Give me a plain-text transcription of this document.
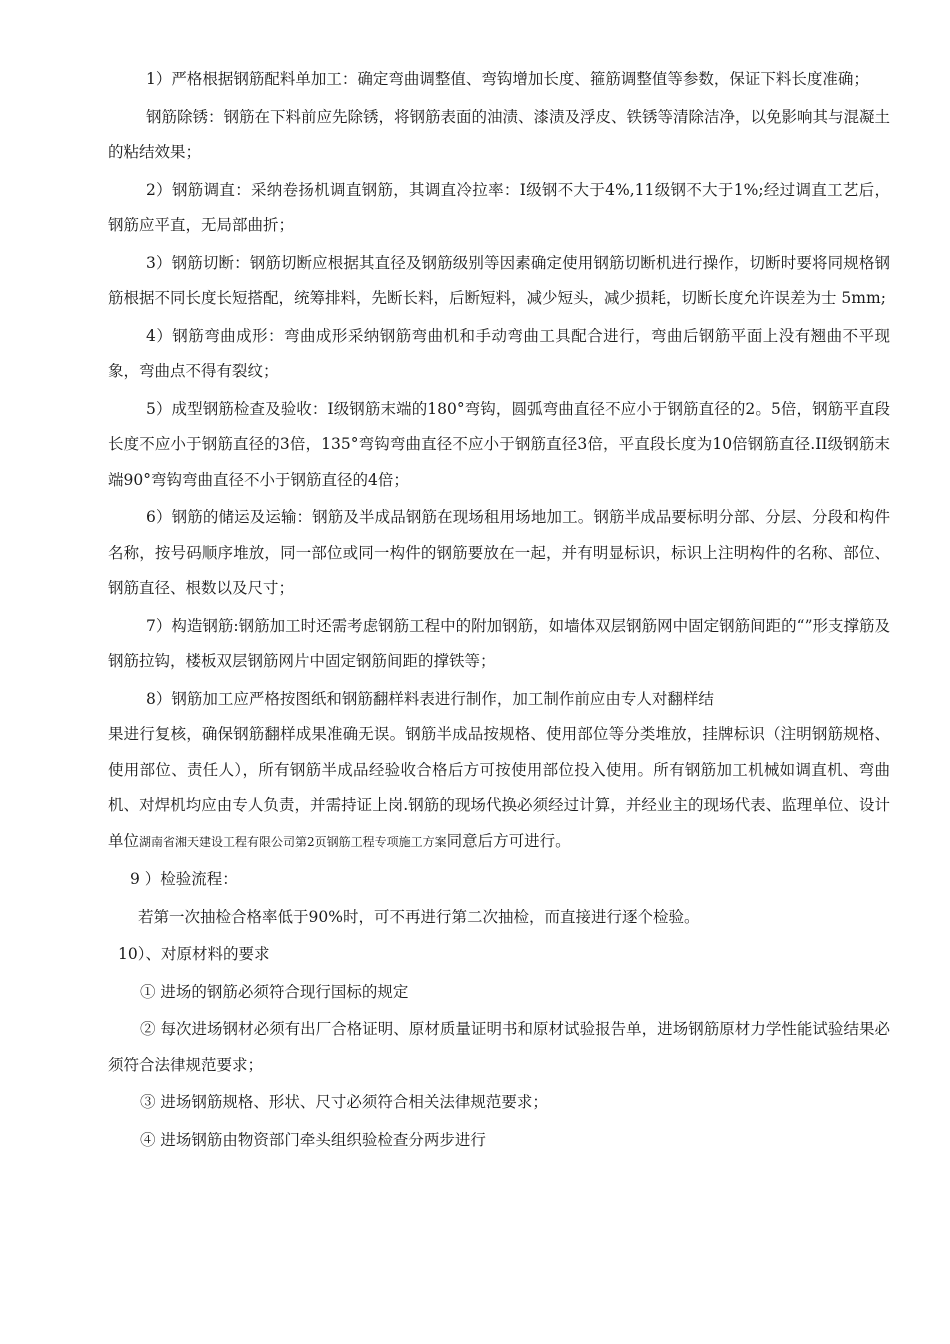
1）严格根据钢筋配料单加工：确定弯曲调整值、弯钩增加长度、箍筋调整值等参数，保证下料长度准确；

钢筋除锈：钢筋在下料前应先除锈，将钢筋表面的油渍、漆渍及浮皮、铁锈等清除洁净，以免影响其与混凝土的粘结效果；

2）钢筋调直：采纳卷扬机调直钢筋，其调直冷拉率：I级钢不大于4%,11级钢不大于1%;经过调直工艺后，钢筋应平直，无局部曲折；

3）钢筋切断：钢筋切断应根据其直径及钢筋级别等因素确定使用钢筋切断机进行操作，切断时要将同规格钢筋根据不同长度长短搭配，统筹排料，先断长料，后断短料，减少短头，减少损耗，切断长度允许误差为士 5mm;

4）钢筋弯曲成形：弯曲成形采纳钢筋弯曲机和手动弯曲工具配合进行，弯曲后钢筋平面上没有翘曲不平现象，弯曲点不得有裂纹；

5）成型钢筋检查及验收：I级钢筋末端的180°弯钩，圆弧弯曲直径不应小于钢筋直径的2。5倍，钢筋平直段长度不应小于钢筋直径的3倍，135°弯钩弯曲直径不应小于钢筋直径3倍，平直段长度为10倍钢筋直径.II级钢筋末端90°弯钩弯曲直径不小于钢筋直径的4倍；

6）钢筋的储运及运输：钢筋及半成品钢筋在现场租用场地加工。钢筋半成品要标明分部、分层、分段和构件名称，按号码顺序堆放，同一部位或同一构件的钢筋要放在一起，并有明显标识，标识上注明构件的名称、部位、钢筋直径、根数以及尺寸；

7）构造钢筋:钢筋加工时还需考虑钢筋工程中的附加钢筋，如墙体双层钢筋网中固定钢筋间距的“”形支撑筋及钢筋拉钩，楼板双层钢筋网片中固定钢筋间距的撑铁等；

8）钢筋加工应严格按图纸和钢筋翻样料表进行制作，加工制作前应由专人对翻样结

果进行复核，确保钢筋翻样成果准确无误。钢筋半成品按规格、使用部位等分类堆放，挂牌标识（注明钢筋规格、使用部位、责任人），所有钢筋半成品经验收合格后方可按使用部位投入使用。所有钢筋加工机械如调直机、弯曲机、对焊机均应由专人负责，并需持证上岗.钢筋的现场代换必须经过计算，并经业主的现场代表、监理单位、设计单位湖南省湘天建设工程有限公司第2页钢筋工程专项施工方案同意后方可进行。

9 ）检验流程：

若第一次抽检合格率低于90%时，可不再进行第二次抽检，而直接进行逐个检验。

10）、对原材料的要求

① 进场的钢筋必须符合现行国标的规定

② 每次进场钢材必须有出厂合格证明、原材质量证明书和原材试验报告单，进场钢筋原材力学性能试验结果必须符合法律规范要求；

③ 进场钢筋规格、形状、尺寸必须符合相关法律规范要求；

④ 进场钢筋由物资部门牵头组织验检查分两步进行
